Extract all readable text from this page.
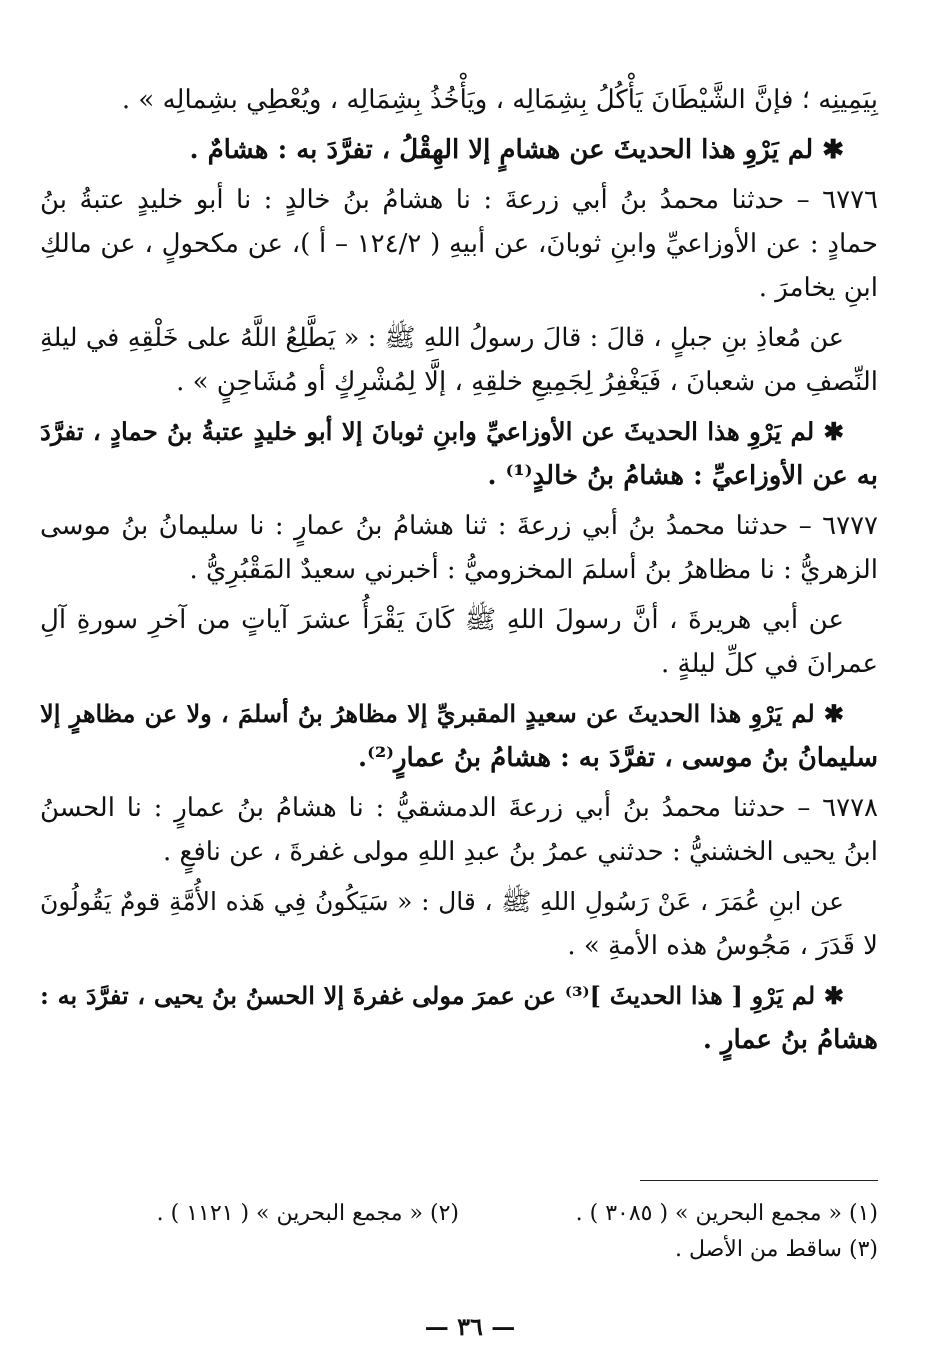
بِيَمِينِه ؛ فإنَّ الشَّيْطَانَ يَأْكُلُ بِشِمَالِه ، ويَأْخُذُ بِشِمَالِه ، ويُعْطِي بشِمالِه » .
✱ لم يَرْوِ هذا الحديثَ عن هشامٍ إلا الهِقْلُ ، تفرَّدَ به : هشامٌ .
٦٧٧٦ – حدثنا محمدُ بنُ أبي زرعةَ : نا هشامُ بنُ خالدٍ : نا أبو خليدٍ عتبةُ بنُ
حمادٍ : عن الأوزاعيِّ وابنِ ثوبانَ، عن أبيهِ ( ١٢٤/٢ – أ )، عن مكحولٍ ، عن مالكِ
ابنِ يخامرَ .
عن مُعاذِ بنِ جبلٍ ، قالَ : قالَ رسولُ اللهِ ﷺ : « يَطَّلِعُ اللَّهُ على خَلْقِهِ في ليلةِ
النِّصفِ من شعبانَ ، فَيَغْفِرُ لِجَمِيعِ خلقِهِ ، إلَّا لِمُشْرِكٍ أو مُشَاحِنٍ » .
✱ لم يَرْوِ هذا الحديثَ عن الأوزاعيِّ وابنِ ثوبانَ إلا أبو خليدٍ عتبةُ بنُ حمادٍ ، تفرَّدَ
به عن الأوزاعيِّ : هشامُ بنُ خالدٍ⁽¹⁾ .
٦٧٧٧ – حدثنا محمدُ بنُ أبي زرعةَ : ثنا هشامُ بنُ عمارٍ : نا سليمانُ بنُ موسى
الزهريُّ : نا مظاهرُ بنُ أسلمَ المخزوميُّ : أخبرني سعيدٌ المَقْبُرِيُّ .
عن أبي هريرةَ ، أنَّ رسولَ اللهِ ﷺ كَانَ يَقْرَأُ عشرَ آياتٍ من آخرِ سورةِ آلِ
عمرانَ في كلِّ ليلةٍ .
✱ لم يَرْوِ هذا الحديثَ عن سعيدٍ المقبريِّ إلا مظاهرُ بنُ أسلمَ ، ولا عن مظاهرٍ إلا
سليمانُ بنُ موسى ، تفرَّدَ به : هشامُ بنُ عمارٍ⁽²⁾.
٦٧٧٨ – حدثنا محمدُ بنُ أبي زرعةَ الدمشقيُّ : نا هشامُ بنُ عمارٍ : نا الحسنُ
ابنُ يحيى الخشنيُّ : حدثني عمرُ بنُ عبدِ اللهِ مولى غفرةَ ، عن نافعٍ .
عن ابنِ عُمَرَ ، عَنْ رَسُولِ اللهِ ﷺ ، قال : « سَيَكُونُ فِي هَذه الأُمَّةِ قومٌ يَقُولُونَ
لا قَدَرَ ، مَجُوسُ هذه الأمةِ » .
✱ لم يَرْوِ [ هذا الحديثَ ]⁽³⁾ عن عمرَ مولى غفرةَ إلا الحسنُ بنُ يحيى ، تفرَّدَ به :
هشامُ بنُ عمارٍ .
(١) « مجمع البحرين » ( ٣٠٨٥ ) .
(٢) « مجمع البحرين » ( ١١٢١ ) .
(٣) ساقط من الأصل .
— ٣٦ —
